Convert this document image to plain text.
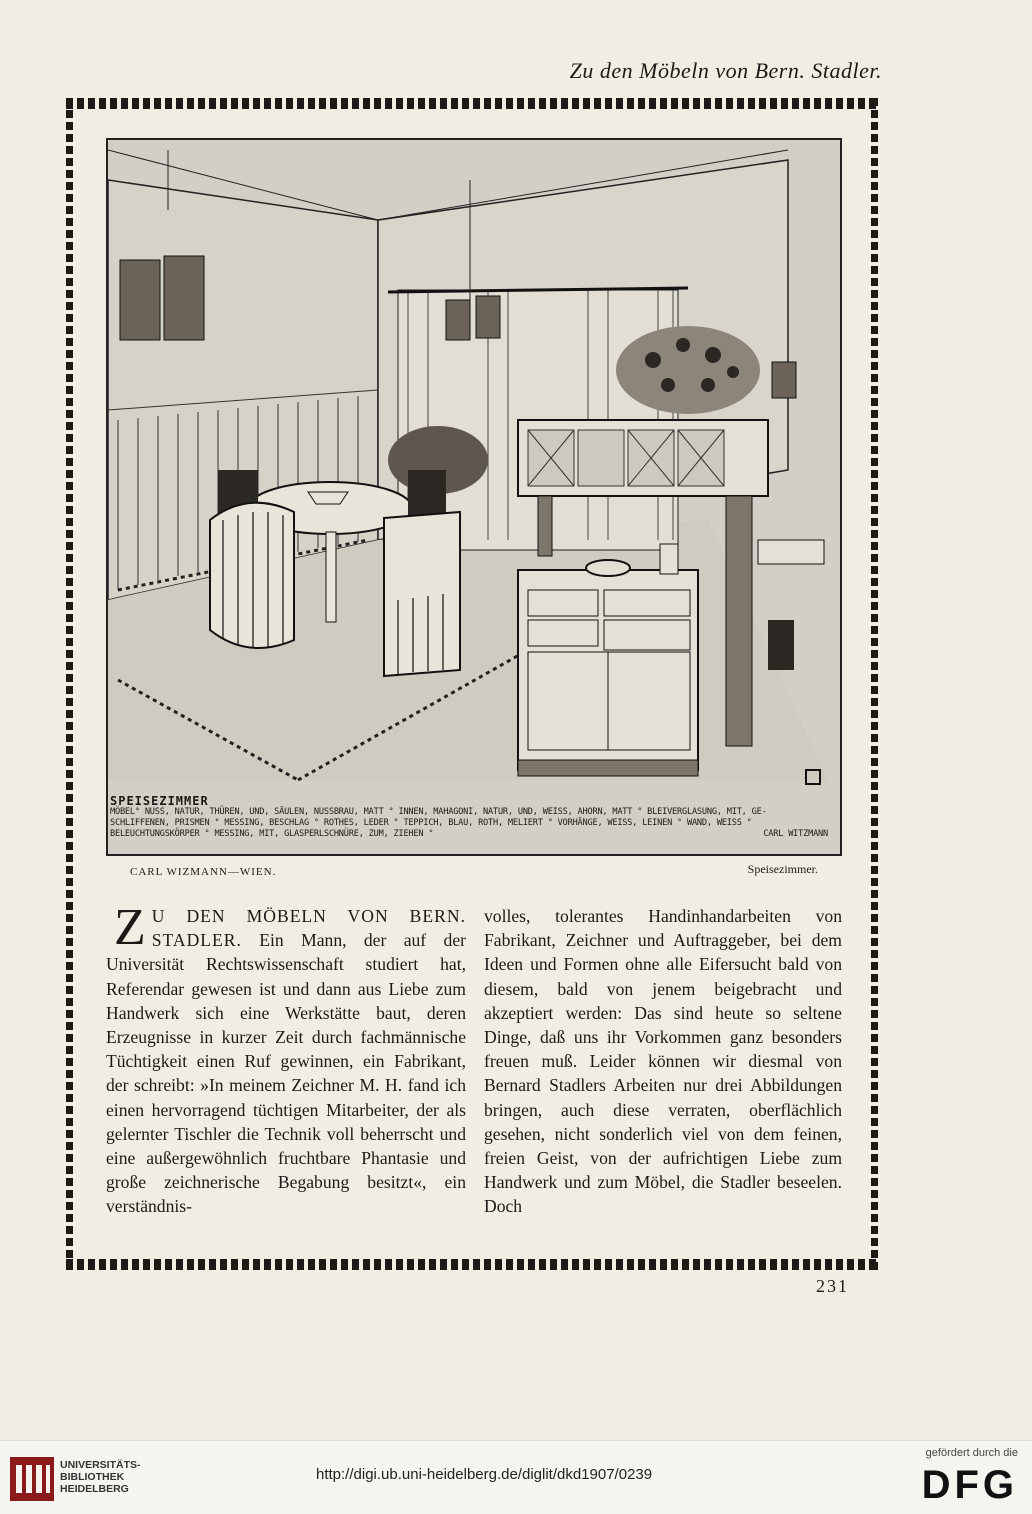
Zu den Möbeln von Bern. Stadler.
SPEISEZIMMER
MÖBEL° NUSS, NATUR, THÜREN, UND, SÄULEN, NUSSBRAU, MATT ° INNEN, MAHAGONI, NATUR, UND, WEISS, AHORN, MATT ° BLEIVERGLASUNG, MIT, GE-
SCHLIFFENEN, PRISMEN ° MESSING, BESCHLAG ° ROTHES, LEDER ° TEPPICH, BLAU, ROTH, MELIERT ° VORHÄNGE, WEISS, LEINEN ° WAND, WEISS °
BELEUCHTUNGSKÖRPER ° MESSING, MIT, GLASPERLSCHNÜRE, ZUM, ZIEHEN °	CARL WITZMANN
CARL WIZMANN—WIEN.	Speisezimmer.
Z U DEN MÖBELN VON BERN. STADLER. Ein Mann, der auf der Universität Rechtswissenschaft studiert hat, Referendar gewesen ist und dann aus Liebe zum Handwerk sich eine Werkstätte baut, deren Erzeugnisse in kurzer Zeit durch fachmännische Tüchtigkeit einen Ruf gewinnen, ein Fabrikant, der schreibt: »In meinem Zeichner M. H. fand ich einen hervorragend tüchtigen Mitarbeiter, der als gelernter Tischler die Technik voll beherrscht und eine außergewöhnlich fruchtbare Phantasie und große zeichnerische Begabung besitzt«, ein verständnis-

volles, tolerantes Handinhandarbeiten von Fabrikant, Zeichner und Auftraggeber, bei dem Ideen und Formen ohne alle Eifersucht bald von diesem, bald von jenem beigebracht und akzeptiert werden: Das sind heute so seltene Dinge, daß uns ihr Vorkommen ganz besonders freuen muß. Leider können wir diesmal von Bernard Stadlers Arbeiten nur drei Abbildungen bringen, auch diese verraten, oberflächlich gesehen, nicht sonderlich viel von dem feinen, freien Geist, von der aufrichtigen Liebe zum Handwerk und zum Möbel, die Stadler beseelen. Doch

231
UNIVERSITÄTS-
BIBLIOTHEK
HEIDELBERG
http://digi.ub.uni-heidelberg.de/diglit/dkd1907/0239
gefördert durch die
DFG
